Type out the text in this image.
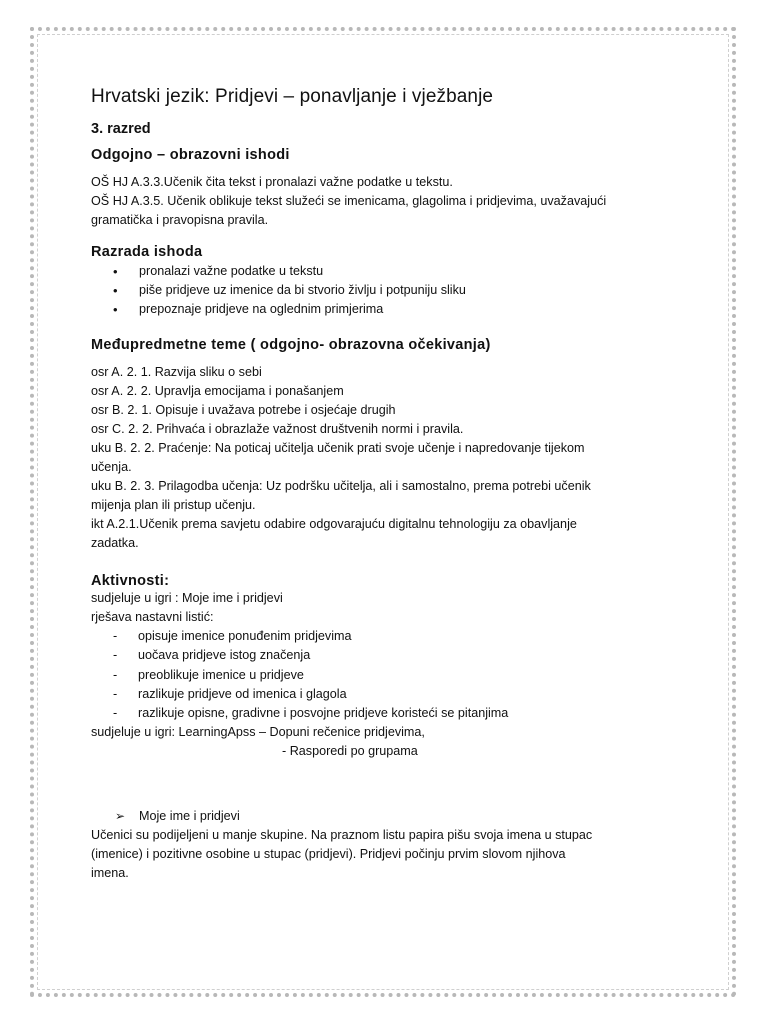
Hrvatski jezik: Pridjevi – ponavljanje i vježbanje
3. razred
Odgojno – obrazovni ishodi

OŠ HJ A.3.3.Učenik čita tekst i pronalazi važne podatke u tekstu.

OŠ HJ A.3.5. Učenik oblikuje tekst služeći se imenicama, glagolima i pridjevima, uvažavajući

gramatička i pravopisna pravila.

Razrada ishoda
• pronalazi važne podatke u tekstu
• piše pridjeve uz imenice da bi stvorio življu i potpuniju sliku
• prepoznaje pridjeve na oglednim primjerima
Međupredmetne teme ( odgojno- obrazovna očekivanja)

osr A. 2. 1. Razvija sliku o sebi

osr A. 2. 2. Upravlja emocijama i ponašanjem

osr B. 2. 1. Opisuje i uvažava potrebe i osjećaje drugih

osr C. 2. 2. Prihvaća i obrazlaže važnost društvenih normi i pravila.

uku B. 2. 2. Praćenje: Na poticaj učitelja učenik prati svoje učenje i napredovanje tijekom

učenja.

uku B. 2. 3. Prilagodba učenja: Uz podršku učitelja, ali i samostalno, prema potrebi učenik

mijenja plan ili pristup učenju.

ikt A.2.1.Učenik prema savjetu odabire odgovarajuću digitalnu tehnologiju za obavljanje

zadatka.

Aktivnosti:

sudjeluje u igri : Moje ime i pridjevi

rješava nastavni listić:

- opisuje imenice ponuđenim pridjevima
- uočava pridjeve istog značenja
- preoblikuje imenice u pridjeve
- razlikuje pridjeve od imenica i glagola
- razlikuje opisne, gradivne i posvojne pridjeve koristeći se pitanjima

sudjeluje u igri: LearningApss – Dopuni rečenice pridjevima,

- Rasporedi po grupama

➢ Moje ime i pridjevi

Učenici su podijeljeni u manje skupine. Na praznom listu papira pišu svoja imena u stupac

(imenice) i pozitivne osobine u stupac (pridjevi). Pridjevi počinju prvim slovom njihova

imena.
